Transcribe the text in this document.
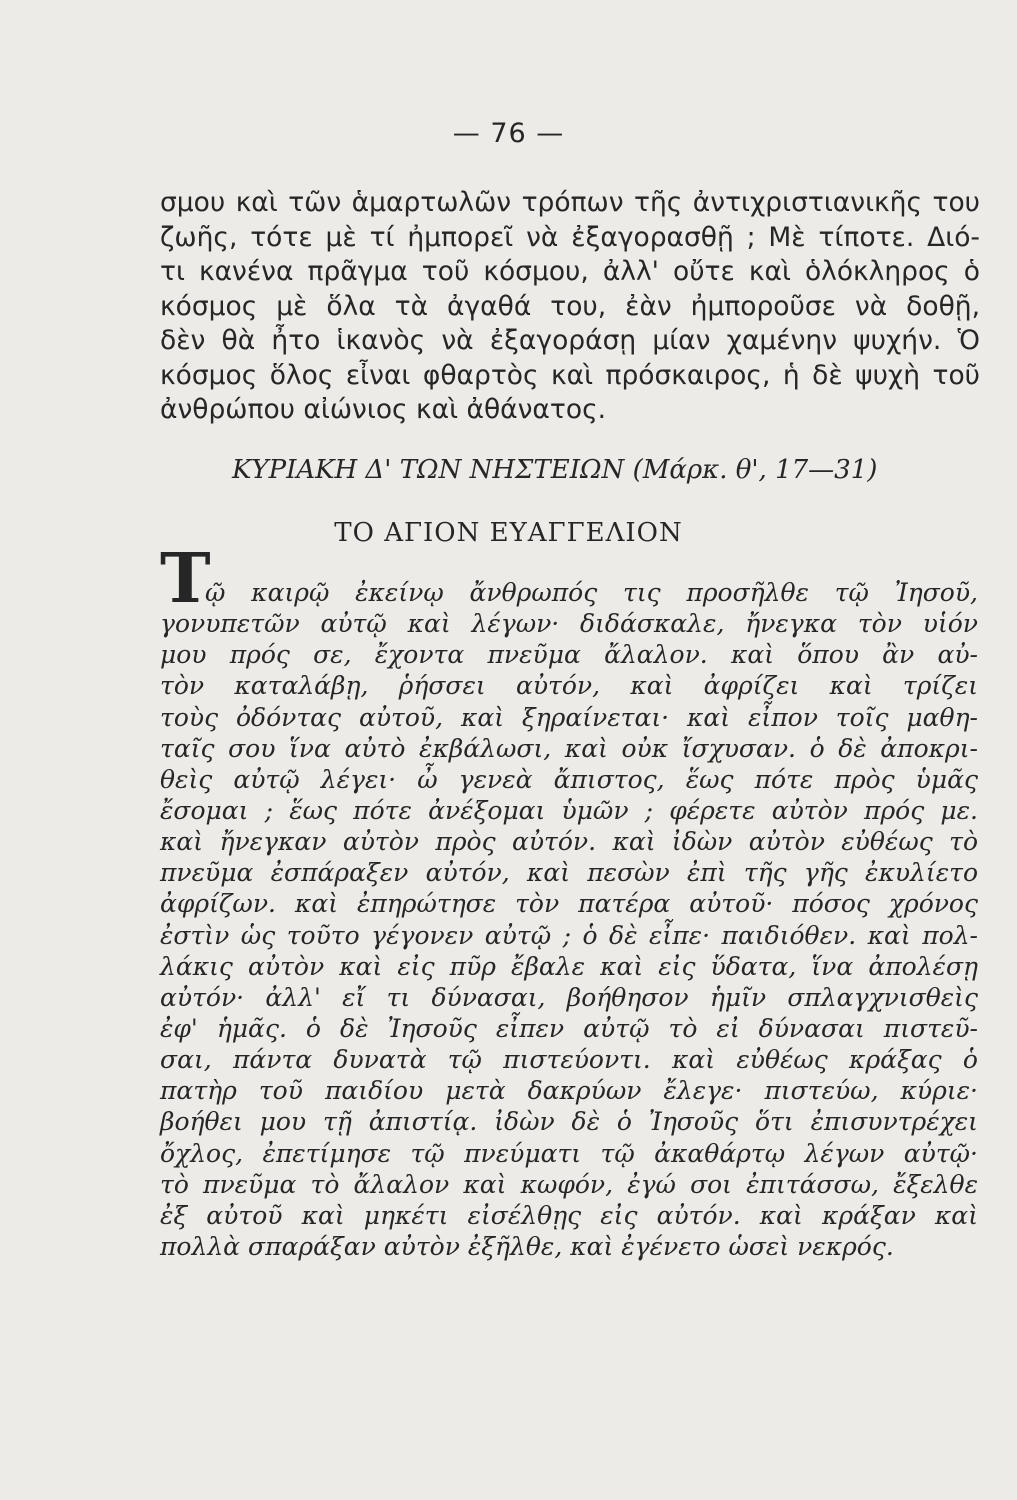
— 76 —
σμου καὶ τῶν ἁμαρτωλῶν τρόπων τῆς ἀντιχριστιανικῆς του
ζωῆς, τότε μὲ τί ἠμπορεῖ νὰ ἐξαγορασθῇ ; Μὲ τίποτε. Διό-
τι κανένα πρᾶγμα τοῦ κόσμου, ἀλλ' οὔτε καὶ ὁλόκληρος ὁ
κόσμος μὲ ὅλα τὰ ἀγαθά του, ἐὰν ἠμποροῦσε νὰ δοθῇ,
δὲν θὰ ἦτο ἱκανὸς νὰ ἐξαγοράσῃ μίαν χαμένην ψυχήν. Ὁ
κόσμος ὅλος εἶναι φθαρτὸς καὶ πρόσκαιρος, ἡ δὲ ψυχὴ τοῦ
ἀνθρώπου αἰώνιος καὶ ἀθάνατος.
ΚΥΡΙΑΚΗ Δ' ΤΩΝ ΝΗΣΤΕΙΩΝ (Μάρκ. θ', 17—31)
ΤΟ ΑΓΙΟΝ ΕΥΑΓΓΕΛΙΟΝ
Τ
ῷ καιρῷ ἐκείνῳ ἄνθρωπός τις προσῆλθε τῷ Ἰησοῦ,
γονυπετῶν αὐτῷ καὶ λέγων· διδάσκαλε, ἤνεγκα τὸν υἱόν
μου πρός σε, ἔχοντα πνεῦμα ἄλαλον. καὶ ὅπου ἂν αὐ-
τὸν καταλάβῃ, ῥήσσει αὐτόν, καὶ ἀφρίζει καὶ τρίζει
τοὺς ὀδόντας αὐτοῦ, καὶ ξηραίνεται· καὶ εἶπον τοῖς μαθη-
ταῖς σου ἵνα αὐτὸ ἐκβάλωσι, καὶ οὐκ ἴσχυσαν. ὁ δὲ ἀποκρι-
θεὶς αὐτῷ λέγει· ὦ γενεὰ ἄπιστος, ἕως πότε πρὸς ὑμᾶς
ἔσομαι ; ἕως πότε ἀνέξομαι ὑμῶν ; φέρετε αὐτὸν πρός με.
καὶ ἤνεγκαν αὐτὸν πρὸς αὐτόν. καὶ ἰδὼν αὐτὸν εὐθέως τὸ
πνεῦμα ἐσπάραξεν αὐτόν, καὶ πεσὼν ἐπὶ τῆς γῆς ἐκυλίετο
ἀφρίζων. καὶ ἐπηρώτησε τὸν πατέρα αὐτοῦ· πόσος χρόνος
ἐστὶν ὡς τοῦτο γέγονεν αὐτῷ ; ὁ δὲ εἶπε· παιδιόθεν. καὶ πολ-
λάκις αὐτὸν καὶ εἰς πῦρ ἔβαλε καὶ εἰς ὕδατα, ἵνα ἀπολέσῃ
αὐτόν· ἀλλ' εἴ τι δύνασαι, βοήθησον ἡμῖν σπλαγχνισθεὶς
ἐφ' ἡμᾶς. ὁ δὲ Ἰησοῦς εἶπεν αὐτῷ τὸ εἰ δύνασαι πιστεῦ-
σαι, πάντα δυνατὰ τῷ πιστεύοντι. καὶ εὐθέως κράξας ὁ
πατὴρ τοῦ παιδίου μετὰ δακρύων ἔλεγε· πιστεύω, κύριε·
βοήθει μου τῇ ἀπιστίᾳ. ἰδὼν δὲ ὁ Ἰησοῦς ὅτι ἐπισυντρέχει
ὄχλος, ἐπετίμησε τῷ πνεύματι τῷ ἀκαθάρτῳ λέγων αὐτῷ·
τὸ πνεῦμα τὸ ἄλαλον καὶ κωφόν, ἐγώ σοι ἐπιτάσσω, ἔξελθε
ἐξ αὐτοῦ καὶ μηκέτι εἰσέλθῃς εἰς αὐτόν. καὶ κράξαν καὶ
πολλὰ σπαράξαν αὐτὸν ἐξῆλθε, καὶ ἐγένετο ὡσεὶ νεκρός.
